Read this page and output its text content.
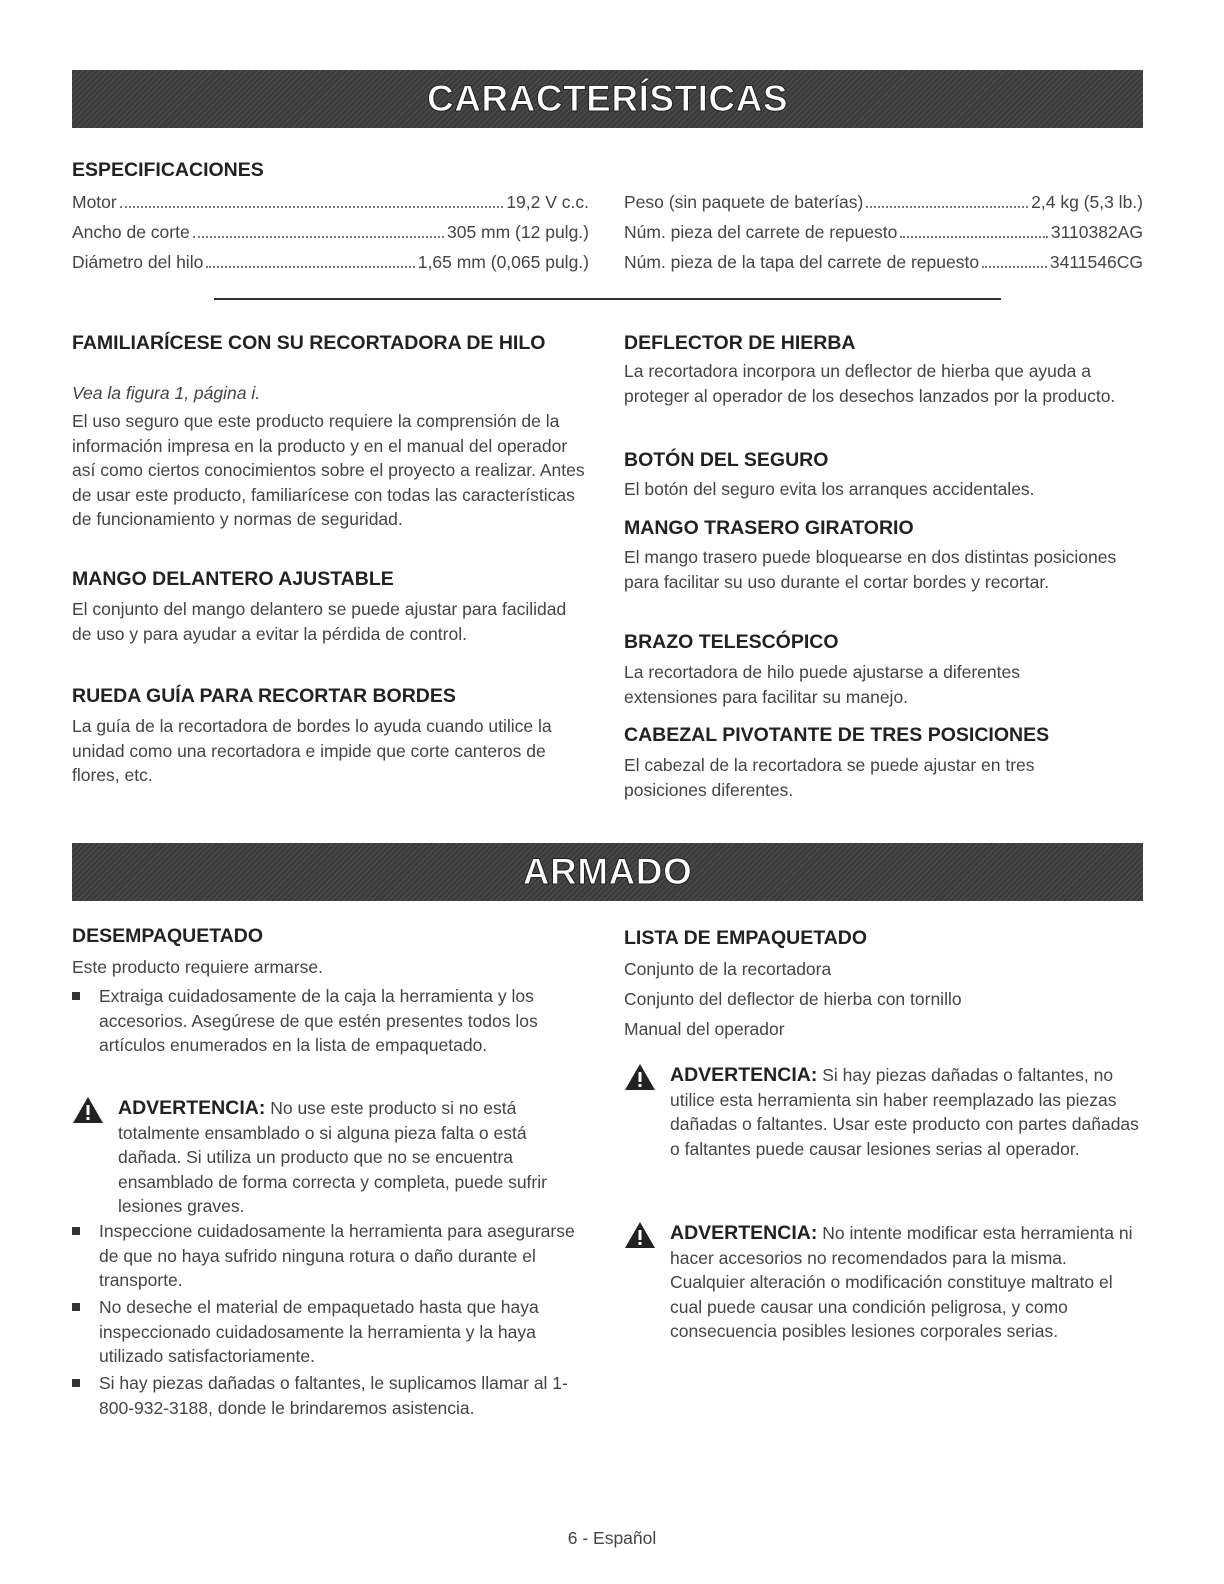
CARACTERÍSTICAS
ESPECIFICACIONES
Motor	19,2 V c.c.
Ancho de corte	305 mm (12 pulg.)
Diámetro del hilo	1,65 mm (0,065 pulg.)
Peso (sin paquete de baterías)	2,4 kg (5,3 lb.)
Núm. pieza del carrete de repuesto	3110382AG
Núm. pieza de la tapa del carrete de repuesto	3411546CG
FAMILIARÍCESE CON SU RECORTADORA DE HILO

Vea la figura 1, página i.

El uso seguro que este producto requiere la comprensión de la información impresa en la producto y en el manual del operador así como ciertos conocimientos sobre el proyecto a realizar. Antes de usar este producto, familiarícese con todas las características de funcionamiento y normas de seguridad.

MANGO DELANTERO AJUSTABLE

El conjunto del mango delantero se puede ajustar para facilidad de uso y para ayudar a evitar la pérdida de control.

RUEDA GUÍA PARA RECORTAR BORDES

La guía de la recortadora de bordes lo ayuda cuando utilice la unidad como una recortadora e impide que corte canteros de flores, etc.

DEFLECTOR DE HIERBA

La recortadora incorpora un deflector de hierba que ayuda a proteger al operador de los desechos lanzados por la producto.

BOTÓN DEL SEGURO

El botón del seguro evita los arranques accidentales.

MANGO TRASERO GIRATORIO

El mango trasero puede bloquearse en dos distintas posiciones para facilitar su uso durante el cortar bordes y recortar.

BRAZO TELESCÓPICO

La recortadora de hilo puede ajustarse a diferentes extensiones para facilitar su manejo.

CABEZAL PIVOTANTE DE TRES POSICIONES

El cabezal de la recortadora se puede ajustar en tres posiciones diferentes.

ARMADO
DESEMPAQUETADO

Este producto requiere armarse.

Extraiga cuidadosamente de la caja la herramienta y los accesorios. Asegúrese de que estén presentes todos los artículos enumerados en la lista de empaquetado.
ADVERTENCIA: No use este producto si no está totalmente ensamblado o si alguna pieza falta o está dañada. Si utiliza un producto que no se encuentra ensamblado de forma correcta y completa, puede sufrir lesiones graves.
Inspeccione cuidadosamente la herramienta para asegurarse de que no haya sufrido ninguna rotura o daño durante el transporte.
No deseche el material de empaquetado hasta que haya inspeccionado cuidadosamente la herramienta y la haya utilizado satisfactoriamente.
Si hay piezas dañadas o faltantes, le suplicamos llamar al 1-800-932-3188, donde le brindaremos asistencia.
LISTA DE EMPAQUETADO

Conjunto de la recortadora

Conjunto del deflector de hierba con tornillo

Manual del operador

ADVERTENCIA: Si hay piezas dañadas o faltantes, no utilice esta herramienta sin haber reemplazado las piezas dañadas o faltantes. Usar este producto con partes dañadas o faltantes puede causar lesiones serias al operador.
ADVERTENCIA: No intente modificar esta herramienta ni hacer accesorios no recomendados para la misma. Cualquier alteración o modificación constituye maltrato el cual puede causar una condición peligrosa, y como consecuencia posibles lesiones corporales serias.
6 - Español
